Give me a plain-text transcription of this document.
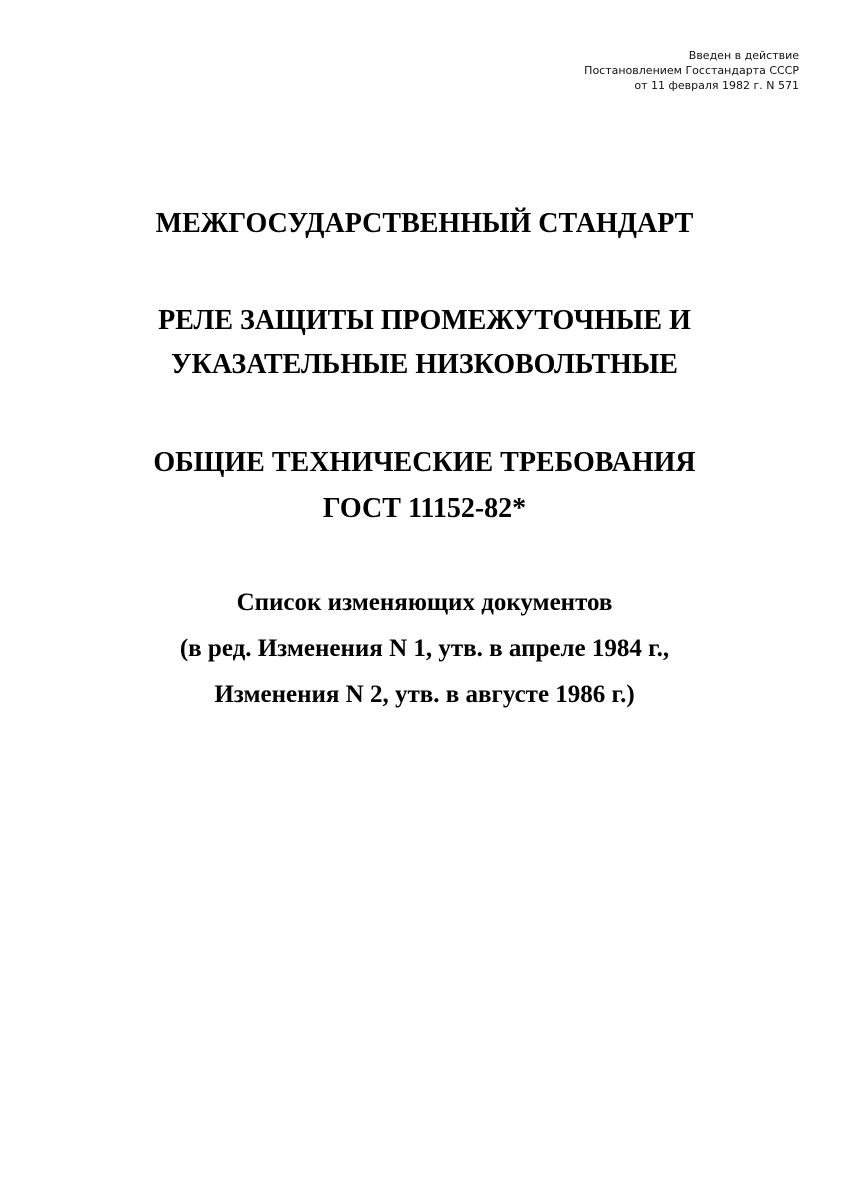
Введен в действие
Постановлением Госстандарта СССР
от 11 февраля 1982 г. N 571
МЕЖГОСУДАРСТВЕННЫЙ СТАНДАРТ
РЕЛЕ ЗАЩИТЫ ПРОМЕЖУТОЧНЫЕ И
УКАЗАТЕЛЬНЫЕ НИЗКОВОЛЬТНЫЕ
ОБЩИЕ ТЕХНИЧЕСКИЕ ТРЕБОВАНИЯ
ГОСТ 11152-82*
Список изменяющих документов
(в ред. Изменения N 1, утв. в апреле 1984 г.,
Изменения N 2, утв. в августе 1986 г.)
